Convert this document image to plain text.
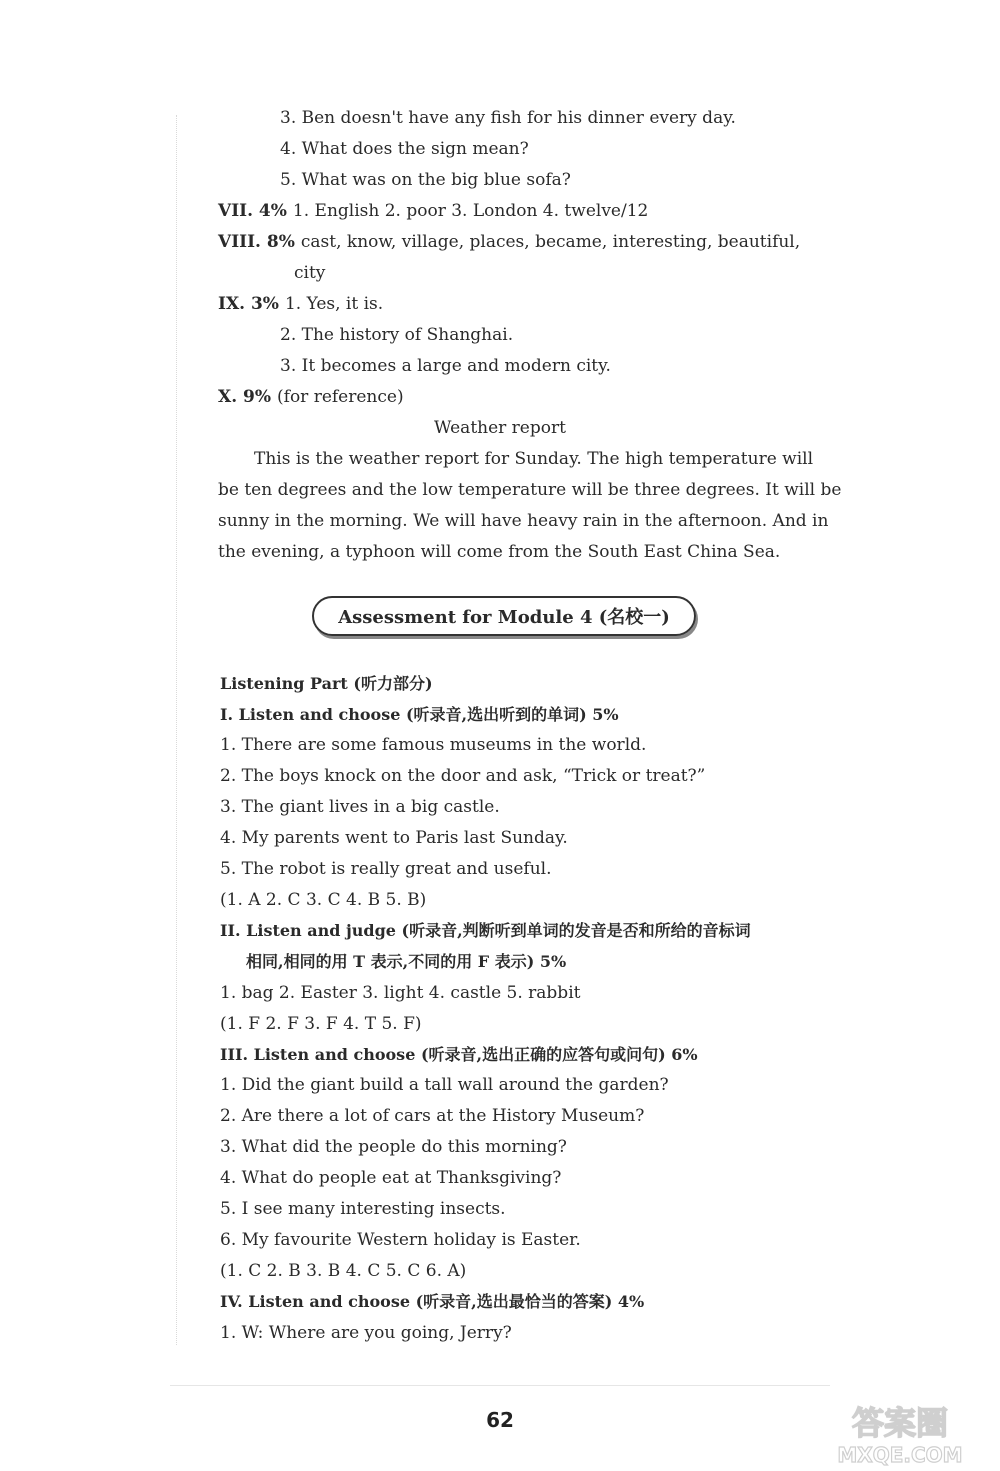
3. Ben doesn't have any fish for his dinner every day.
4. What does the sign mean?
5. What was on the big blue sofa?
VII. 4% 1. English 2. poor 3. London 4. twelve/12
VIII. 8% cast, know, village, places, became, interesting, beautiful,
city
IX. 3% 1. Yes, it is.
2. The history of Shanghai.
3. It becomes a large and modern city.
X. 9% (for reference)
Weather report
This is the weather report for Sunday. The high temperature will
be ten degrees and the low temperature will be three degrees. It will be
sunny in the morning. We will have heavy rain in the afternoon. And in
the evening, a typhoon will come from the South East China Sea.
Assessment for Module 4 (名校一)
Listening Part (听力部分)
I. Listen and choose (听录音,选出听到的单词) 5%
1. There are some famous museums in the world.
2. The boys knock on the door and ask, “Trick or treat?”
3. The giant lives in a big castle.
4. My parents went to Paris last Sunday.
5. The robot is really great and useful.
(1. A 2. C 3. C 4. B 5. B)
II. Listen and judge (听录音,判断听到单词的发音是否和所给的音标词
相同,相同的用 T 表示,不同的用 F 表示) 5%
1. bag 2. Easter 3. light 4. castle 5. rabbit
(1. F 2. F 3. F 4. T 5. F)
III. Listen and choose (听录音,选出正确的应答句或问句) 6%
1. Did the giant build a tall wall around the garden?
2. Are there a lot of cars at the History Museum?
3. What did the people do this morning?
4. What do people eat at Thanksgiving?
5. I see many interesting insects.
6. My favourite Western holiday is Easter.
(1. C 2. B 3. B 4. C 5. C 6. A)
IV. Listen and choose (听录音,选出最恰当的答案) 4%
1. W: Where are you going, Jerry?
62	答案圈
MXQE.COM
